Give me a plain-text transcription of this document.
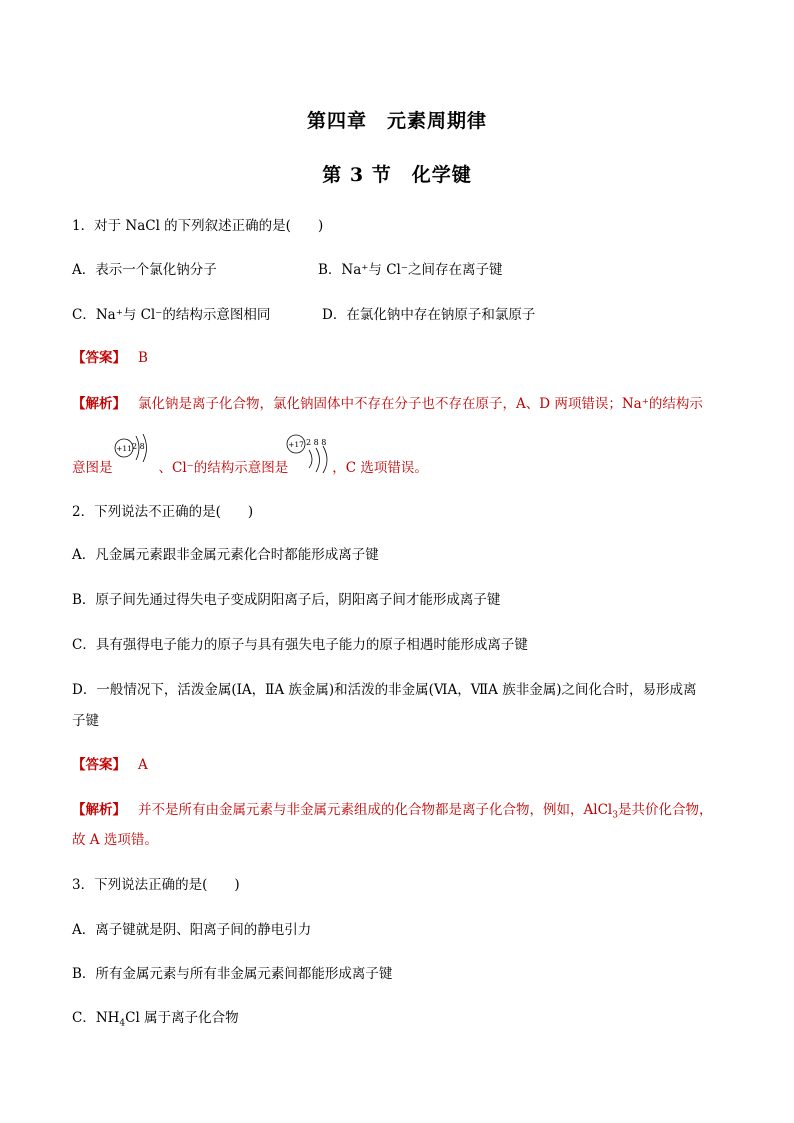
第四章　元素周期律
第 3 节　化学键
1．对于 NaCl 的下列叙述正确的是(　　)
A．表示一个氯化钠分子	B．Na⁺与 Cl⁻之间存在离子键
C．Na⁺与 Cl⁻的结构示意图相同	D．在氯化钠中存在钠原子和氯原子
【答案】 B
【解析】 氯化钠是离子化合物，氯化钠固体中不存在分子也不存在原子，A、D 两项错误；Na⁺的结构示
意图是	、Cl⁻的结构示意图是	，C 选项错误。
+11 2 8	+17 2 8 8
2．下列说法不正确的是(　　)
A．凡金属元素跟非金属元素化合时都能形成离子键
B．原子间先通过得失电子变成阴阳离子后，阴阳离子间才能形成离子键
C．具有强得电子能力的原子与具有强失电子能力的原子相遇时能形成离子键
D．一般情况下，活泼金属(ⅠA，ⅡA 族金属)和活泼的非金属(ⅥA，ⅦA 族非金属)之间化合时，易形成离
子键
【答案】 A
【解析】 并不是所有由金属元素与非金属元素组成的化合物都是离子化合物，例如，AlCl$_3$是共价化合物，
故 A 选项错。
3．下列说法正确的是(　　)
A．离子键就是阴、阳离子间的静电引力
B．所有金属元素与所有非金属元素间都能形成离子键
C．$NH_4Cl$ 属于离子化合物
